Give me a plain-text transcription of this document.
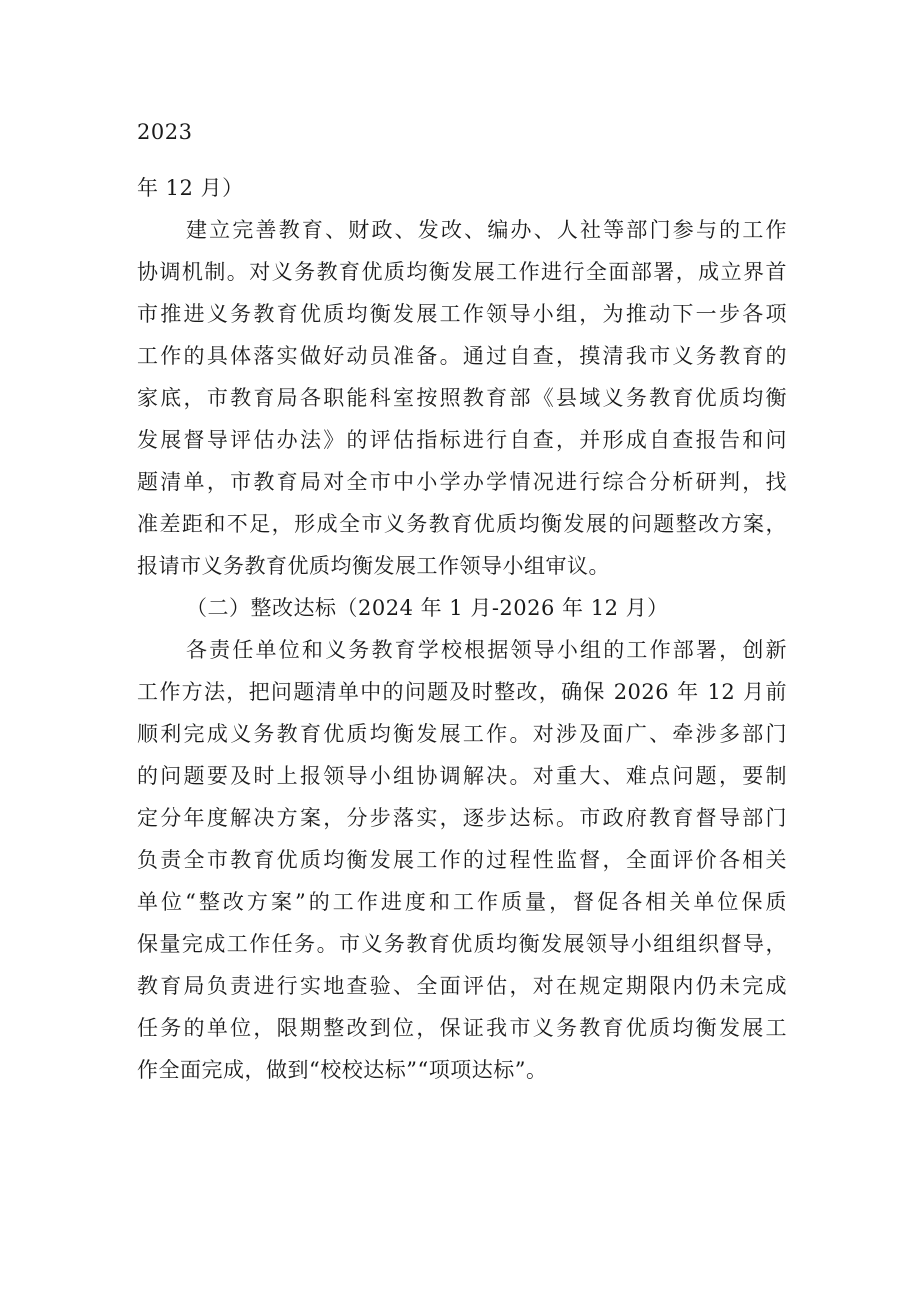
2023
年 12 月）
建立完善教育、财政、发改、编办、人社等部门参与的工作
协调机制。对义务教育优质均衡发展工作进行全面部署，成立界首
市推进义务教育优质均衡发展工作领导小组，为推动下一步各项
工作的具体落实做好动员准备。通过自查，摸清我市义务教育的
家底，市教育局各职能科室按照教育部《县域义务教育优质均衡
发展督导评估办法》的评估指标进行自查，并形成自查报告和问
题清单，市教育局对全市中小学办学情况进行综合分析研判，找
准差距和不足，形成全市义务教育优质均衡发展的问题整改方案，
报请市义务教育优质均衡发展工作领导小组审议。
（二）整改达标（2024 年 1 月-2026 年 12 月）
各责任单位和义务教育学校根据领导小组的工作部署，创新
工作方法，把问题清单中的问题及时整改，确保 2026 年 12 月前
顺利完成义务教育优质均衡发展工作。对涉及面广、牵涉多部门
的问题要及时上报领导小组协调解决。对重大、难点问题，要制
定分年度解决方案，分步落实，逐步达标。市政府教育督导部门
负责全市教育优质均衡发展工作的过程性监督，全面评价各相关
单位“整改方案”的工作进度和工作质量，督促各相关单位保质
保量完成工作任务。市义务教育优质均衡发展领导小组组织督导，
教育局负责进行实地查验、全面评估，对在规定期限内仍未完成
任务的单位，限期整改到位，保证我市义务教育优质均衡发展工
作全面完成，做到“校校达标”“项项达标”。
